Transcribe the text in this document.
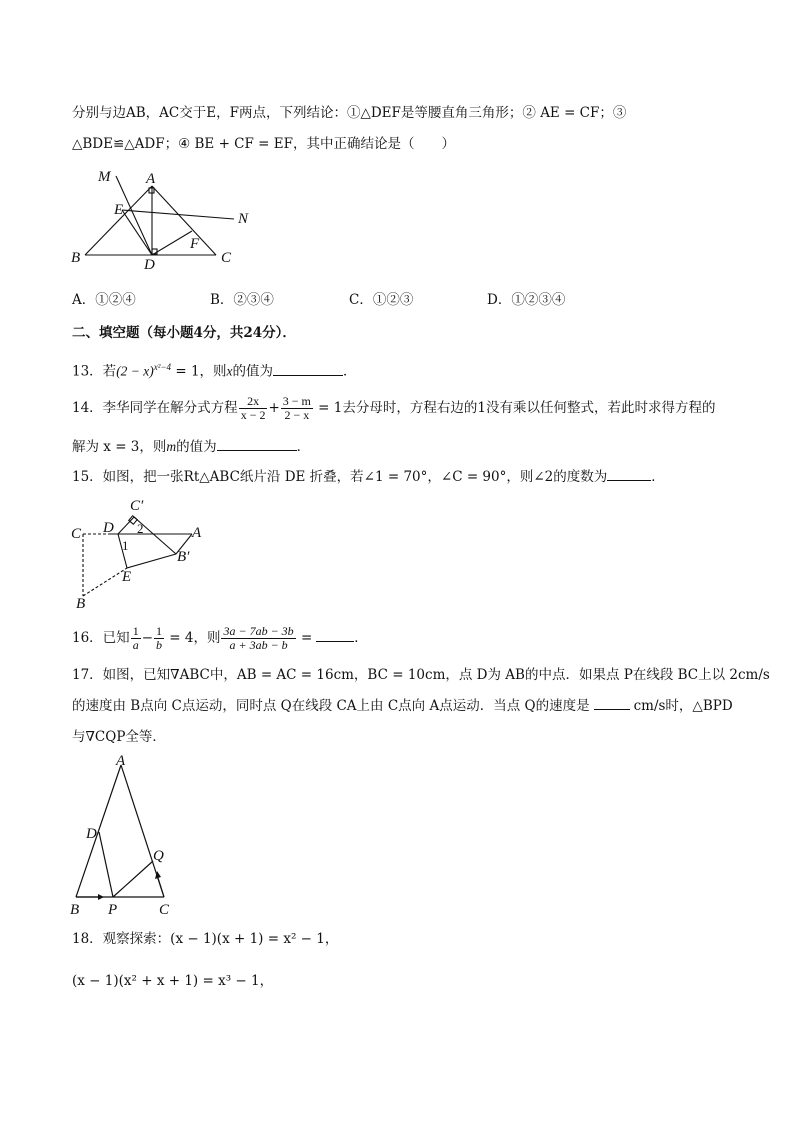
分别与边AB，AC交于E，F两点，下列结论：①△DEF是等腰直角三角形；② AE = CF；③
△BDE≌△ADF；④ BE + CF = EF，其中正确结论是（　　）
M A
E
N
F
B	D	C
A．①②④	B．②③④	C．①②③	D．①②③④
二、填空题（每小题4分，共24分）．
13．若$(2 - x)^{x^2-4} = 1$，则x的值为	．
14．李华同学在解分式方程 $\frac{2x}{x - 2} + \frac{3 - m}{2 - x} = 1$去分母时，方程右边的1没有乘以任何整式，若此时求得方程的
解为 x = 3，则m的值为	．
15．如图，把一张Rt△ABC纸片沿 DE 折叠，若∠1 = 70°，∠C = 90°，则∠2的度数为	．
C′
C D 2	A
1
B′
E
B
16．已知 $\frac{1}{a} - \frac{1}{b} = 4$，则 $\frac{3a - 7ab - 3b}{a + 3ab - b}$ =	．
17．如图，已知∇ABC中，AB = AC = 16cm，BC = 10cm，点 D为 AB的中点．如果点 P在线段 BC上以 2cm/s
的速度由 B点向 C点运动，同时点 Q在线段 CA上由 C点向 A点运动．当点 Q的速度是	cm/s时，△BPD
与∇CQP全等．
A
D
Q
B P	C
18．观察探索：(x − 1)(x + 1) = x² − 1，
(x − 1)(x² + x + 1) = x³ − 1，
